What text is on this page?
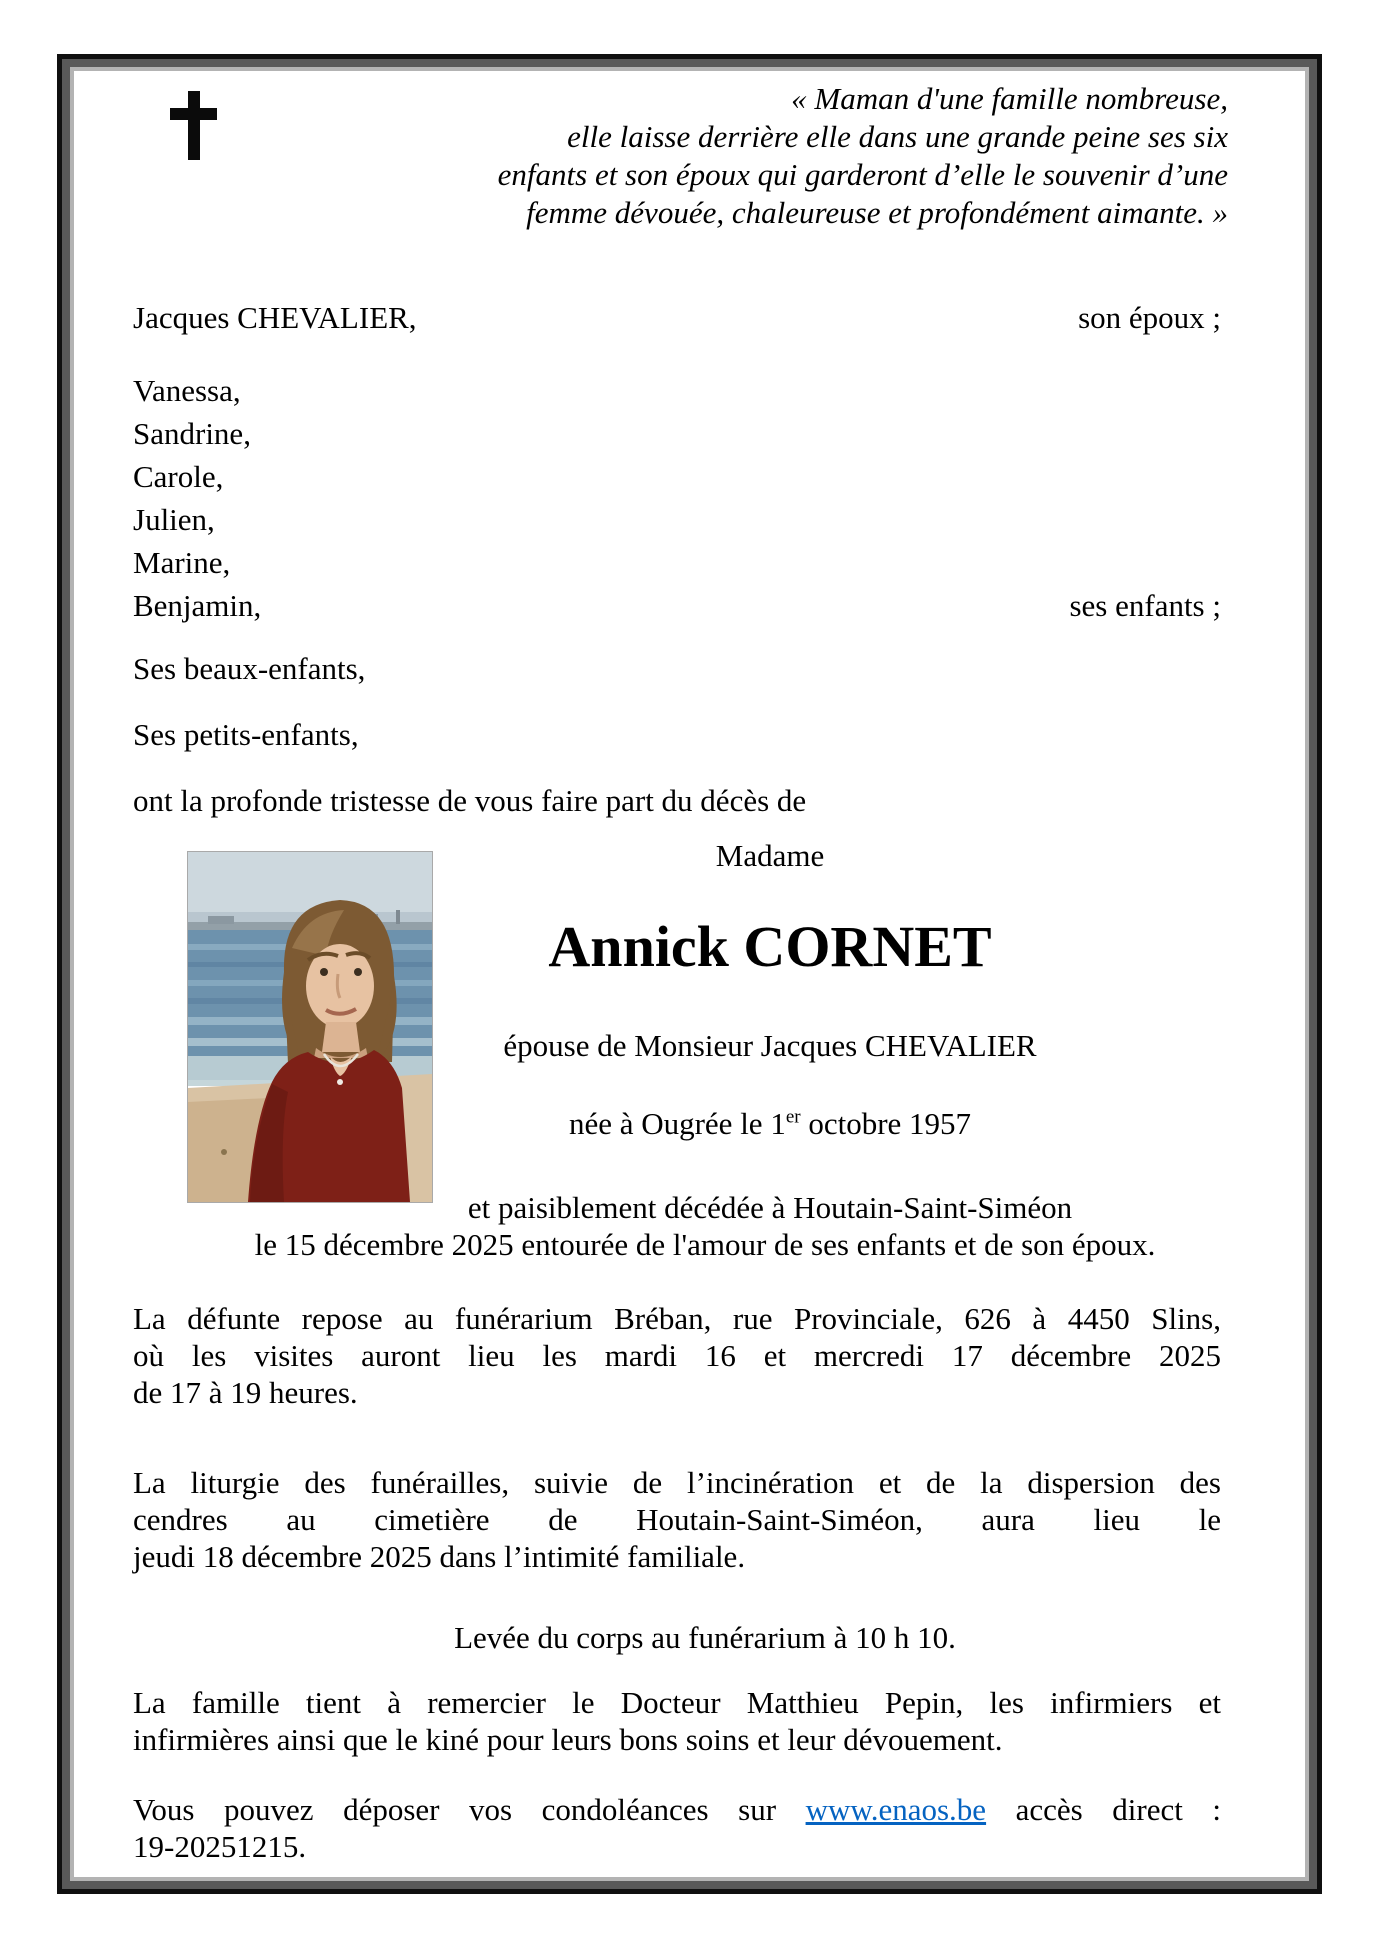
« Maman d'une famille nombreuse,
elle laisse derrière elle dans une grande peine ses six
enfants et son époux qui garderont d’elle le souvenir d’une
femme dévouée, chaleureuse et profondément aimante. »
Jacques CHEVALIER,	son époux ;
Vanessa,
Sandrine,
Carole,
Julien,
Marine,
Benjamin,	ses enfants ;
Ses beaux-enfants,
Ses petits-enfants,
ont la profonde tristesse de vous faire part du décès de
Madame
Annick CORNET
épouse de Monsieur Jacques CHEVALIER
née à Ougrée le 1er octobre 1957
et paisiblement décédée à Houtain-Saint-Siméon
le 15 décembre 2025 entourée de l'amour de ses enfants et de son époux.
La défunte repose au funérarium Bréban, rue Provinciale, 626 à 4450 Slins,
où les visites auront lieu les mardi 16 et mercredi 17 décembre 2025
de 17 à 19 heures.
La liturgie des funérailles, suivie de l’incinération et de la dispersion des
cendres au cimetière de Houtain-Saint-Siméon, aura lieu le
jeudi 18 décembre 2025 dans l’intimité familiale.
Levée du corps au funérarium à 10 h 10.
La famille tient à remercier le Docteur Matthieu Pepin, les infirmiers et
infirmières ainsi que le kiné pour leurs bons soins et leur dévouement.
Vous pouvez déposer vos condoléances sur www.enaos.be accès direct :
19-20251215.
